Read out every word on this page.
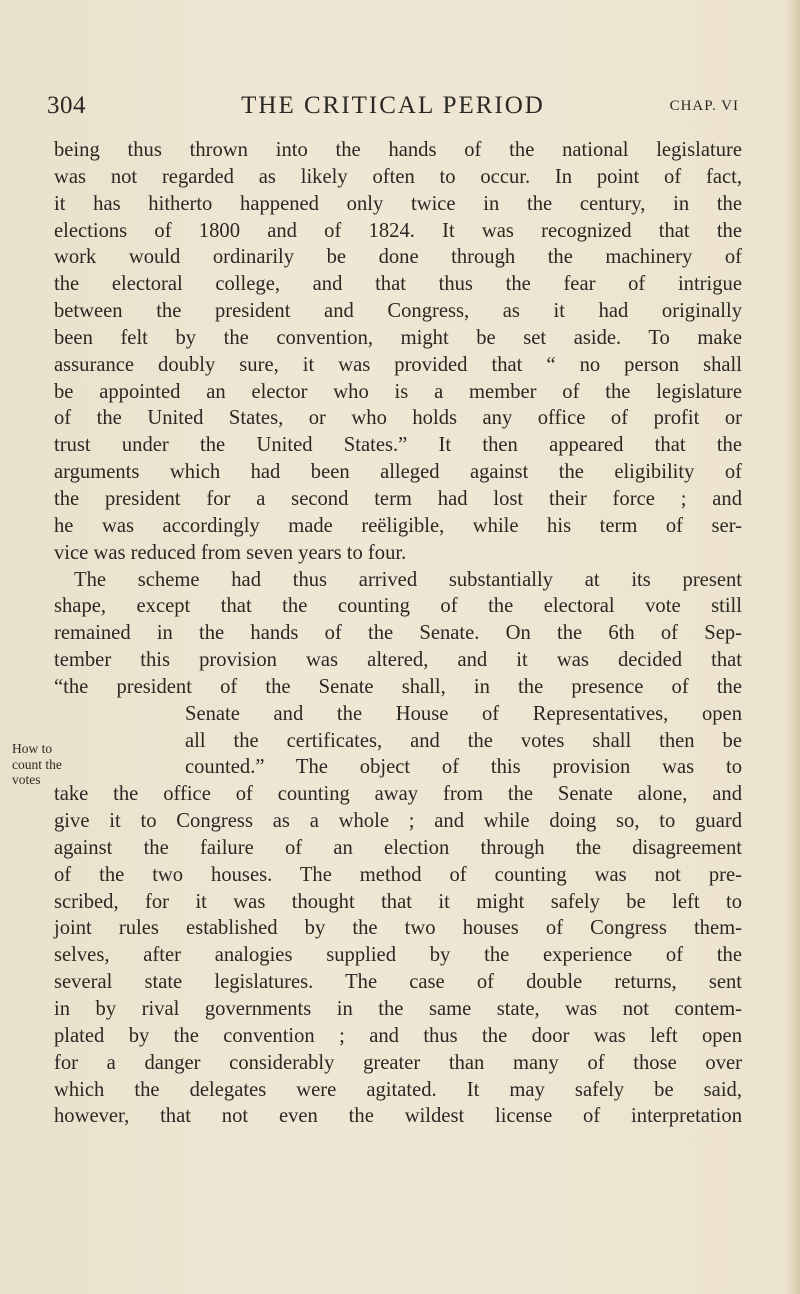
304	THE CRITICAL PERIOD	CHAP. VI
How to
count the
votes
being thus thrown into the hands of the national legislature
was not regarded as likely often to occur. In point of fact,
it has hitherto happened only twice in the century, in the
elections of 1800 and of 1824. It was recognized that the
work would ordinarily be done through the machinery of
the electoral college, and that thus the fear of intrigue
between the president and Congress, as it had originally
been felt by the convention, might be set aside. To make
assurance doubly sure, it was provided that “ no person shall
be appointed an elector who is a member of the legislature
of the United States, or who holds any office of profit or
trust under the United States.” It then appeared that the
arguments which had been alleged against the eligibility of
the president for a second term had lost their force ; and
he was accordingly made reëligible, while his term of ser-
vice was reduced from seven years to four.
The scheme had thus arrived substantially at its present
shape, except that the counting of the electoral vote still
remained in the hands of the Senate. On the 6th of Sep-
tember this provision was altered, and it was decided that
“the president of the Senate shall, in the presence of the
Senate and the House of Representatives, open
all the certificates, and the votes shall then be
counted.” The object of this provision was to
take the office of counting away from the Senate alone, and
give it to Congress as a whole ; and while doing so, to guard
against the failure of an election through the disagreement
of the two houses. The method of counting was not pre-
scribed, for it was thought that it might safely be left to
joint rules established by the two houses of Congress them-
selves, after analogies supplied by the experience of the
several state legislatures. The case of double returns, sent
in by rival governments in the same state, was not contem-
plated by the convention ; and thus the door was left open
for a danger considerably greater than many of those over
which the delegates were agitated. It may safely be said,
however, that not even the wildest license of interpretation
